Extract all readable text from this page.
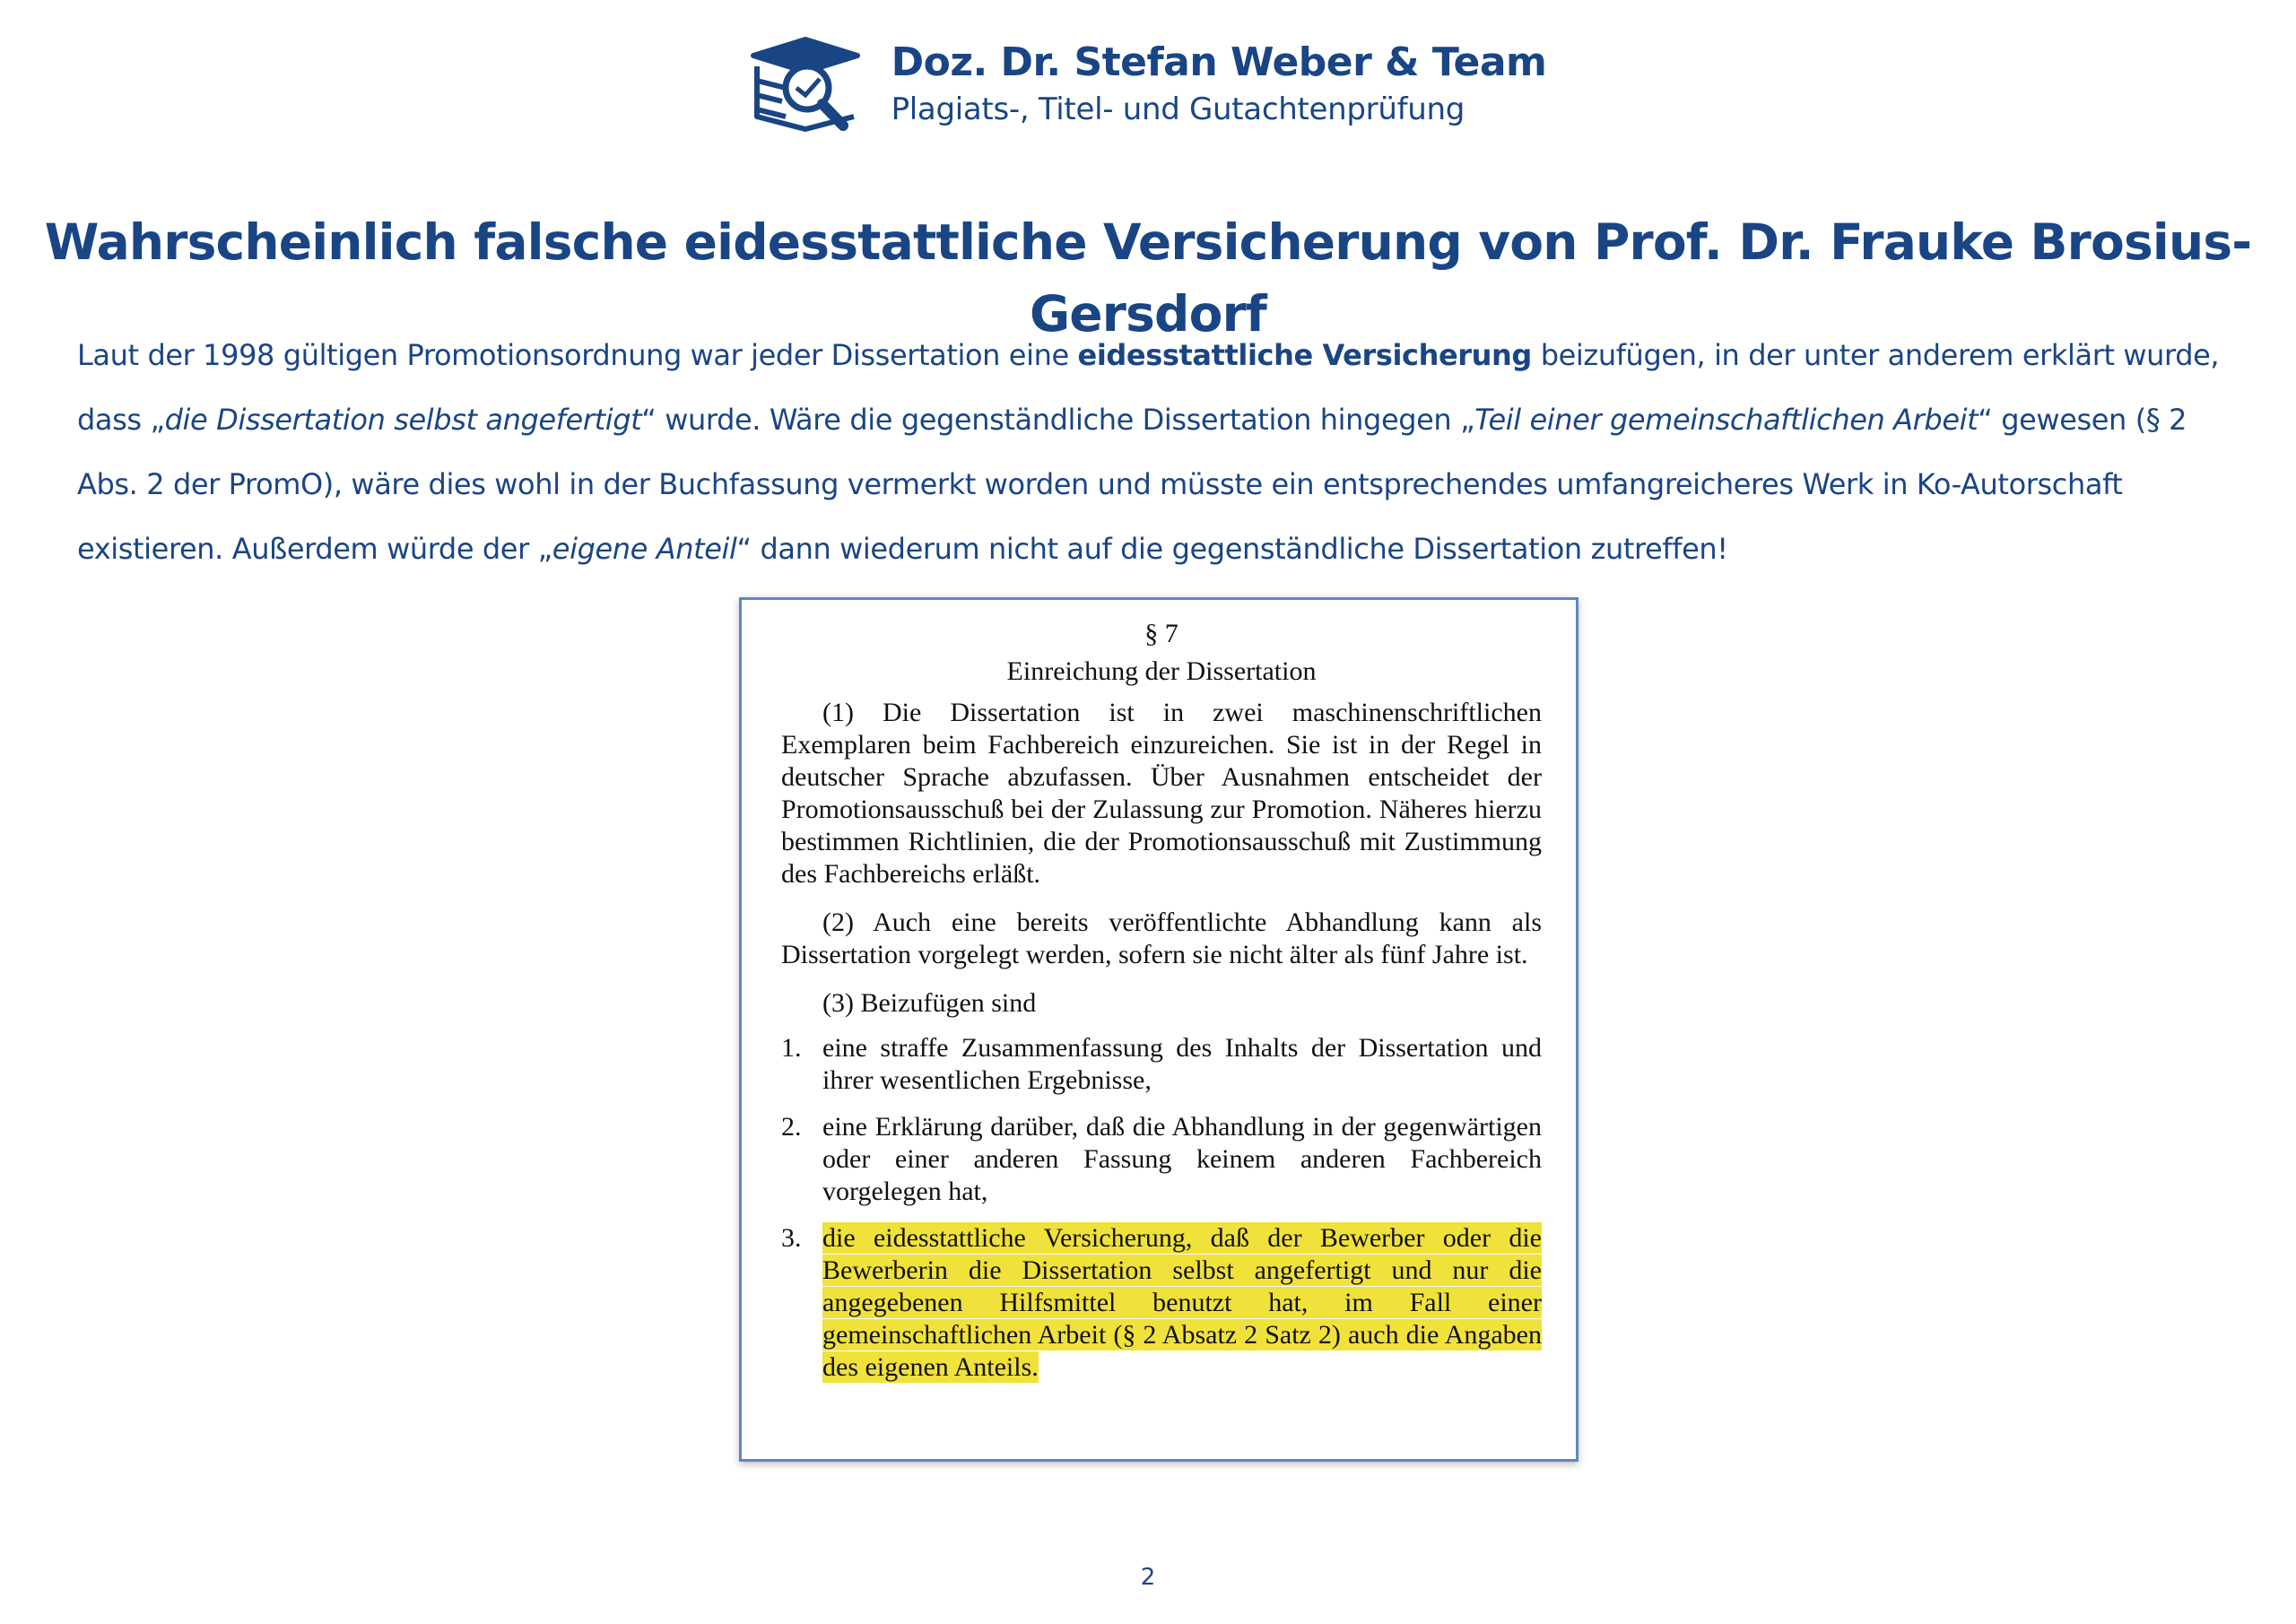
Doz. Dr. Stefan Weber & Team
Plagiats-, Titel- und Gutachtenprüfung
Wahrscheinlich falsche eidesstattliche Versicherung von Prof. Dr. Frauke Brosius-Gersdorf

Laut der 1998 gültigen Promotionsordnung war jeder Dissertation eine eidesstattliche Versicherung beizufügen, in der unter anderem erklärt wurde, dass „die Dissertation selbst angefertigt“ wurde. Wäre die gegenständliche Dissertation hingegen „Teil einer gemeinschaftlichen Arbeit“ gewesen (§ 2 Abs. 2 der PromO), wäre dies wohl in der Buchfassung vermerkt worden und müsste ein entsprechendes umfangreicheres Werk in Ko-Autorschaft existieren. Außerdem würde der „eigene Anteil“ dann wiederum nicht auf die gegenständliche Dissertation zutreffen!

§ 7

Einreichung der Dissertation

(1) Die Dissertation ist in zwei maschinenschriftlichen Exemplaren beim Fachbereich einzureichen. Sie ist in der Regel in deutscher Sprache abzufassen. Über Ausnahmen entscheidet der Promotionsausschuß bei der Zulassung zur Promotion. Näheres hierzu bestimmen Richtlinien, die der Promotionsausschuß mit Zustimmung des Fachbereichs erläßt.

(2) Auch eine bereits veröffentlichte Abhandlung kann als Dissertation vorgelegt werden, sofern sie nicht älter als fünf Jahre ist.

(3) Beizufügen sind

1. eine straffe Zusammenfassung des Inhalts der Dissertation und ihrer wesentlichen Ergebnisse,
2. eine Erklärung darüber, daß die Abhandlung in der gegenwärtigen oder einer anderen Fassung keinem anderen Fachbereich vorgelegen hat,
3. die eidesstattliche Versicherung, daß der Bewerber oder die Bewerberin die Dissertation selbst angefertigt und nur die angegebenen Hilfsmittel benutzt hat, im Fall einer gemeinschaftlichen Arbeit (§ 2 Absatz 2 Satz 2) auch die Angaben des eigenen Anteils.
2
